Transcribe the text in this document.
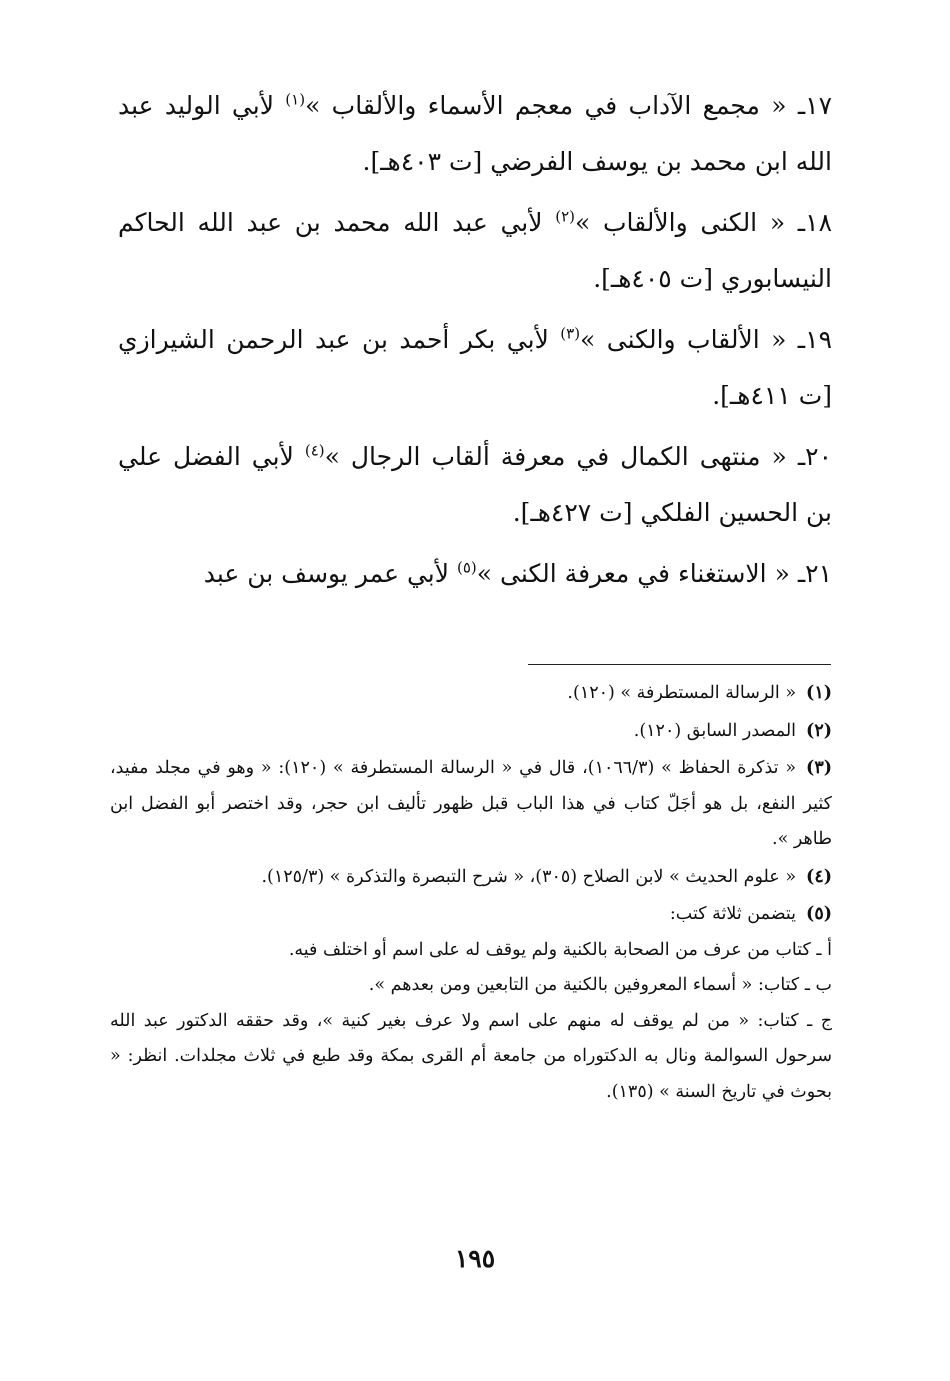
١٧ـ « مجمع الآداب في معجم الأسماء والألقاب »$^{(١)}$ لأبي الوليد عبد الله ابن محمد بن يوسف الفرضي [ت ٤٠٣هـ].
١٨ـ « الكنى والألقاب »$^{(٢)}$ لأبي عبد الله محمد بن عبد الله الحاكم النيسابوري [ت ٤٠٥هـ].
١٩ـ « الألقاب والكنى »$^{(٣)}$ لأبي بكر أحمد بن عبد الرحمن الشيرازي [ت ٤١١هـ].
٢٠ـ « منتهى الكمال في معرفة ألقاب الرجال »$^{(٤)}$ لأبي الفضل علي بن الحسين الفلكي [ت ٤٢٧هـ].
٢١ـ « الاستغناء في معرفة الكنى »$^{(٥)}$ لأبي عمر يوسف بن عبد
(١)« الرسالة المستطرفة » (١٢٠).
(٢)المصدر السابق (١٢٠).
(٣)« تذكرة الحفاظ » (١٠٦٦/٣)، قال في « الرسالة المستطرفة » (١٢٠): « وهو في مجلد مفيد، كثير النفع، بل هو أجَلّ كتاب في هذا الباب قبل ظهور تأليف ابن حجر، وقد اختصر أبو الفضل ابن طاهر ».
(٤)« علوم الحديث » لابن الصلاح (٣٠٥)، « شرح التبصرة والتذكرة » (١٢٥/٣).

(٥)يتضمن ثلاثة كتب:

أ ـ كتاب من عرف من الصحابة بالكنية ولم يوقف له على اسم أو اختلف فيه.

ب ـ كتاب: « أسماء المعروفين بالكنية من التابعين ومن بعدهم ».

ج ـ كتاب: « من لم يوقف له منهم على اسم ولا عرف بغير كنية »، وقد حققه الدكتور عبد الله سرحول السوالمة ونال به الدكتوراه من جامعة أم القرى بمكة وقد طبع في ثلاث مجلدات. انظر: « بحوث في تاريخ السنة » (١٣٥).

١٩٥
